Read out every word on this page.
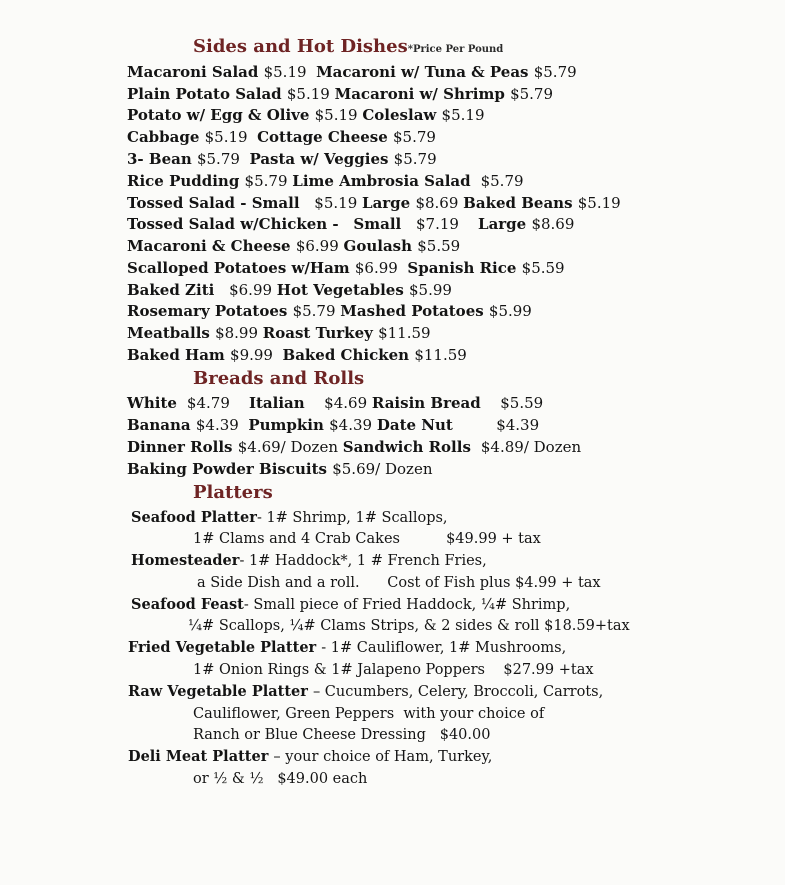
Sides and Hot Dishes*Price Per Pound
Macaroni Salad $5.19  Macaroni w/ Tuna & Peas $5.79
Plain Potato Salad $5.19 Macaroni w/ Shrimp $5.79
Potato w/ Egg & Olive $5.19 Coleslaw $5.19
Cabbage $5.19  Cottage Cheese $5.79
3- Bean $5.79  Pasta w/ Veggies $5.79
Rice Pudding $5.79 Lime Ambrosia Salad  $5.79
Tossed Salad - Small   $5.19 Large $8.69 Baked Beans $5.19
Tossed Salad w/Chicken -   Small   $7.19    Large $8.69
Macaroni & Cheese $6.99 Goulash $5.59
Scalloped Potatoes w/Ham $6.99  Spanish Rice $5.59
Baked Ziti   $6.99 Hot Vegetables $5.99
Rosemary Potatoes $5.79 Mashed Potatoes $5.99
Meatballs $8.99 Roast Turkey $11.59
Baked Ham $9.99  Baked Chicken $11.59
Breads and Rolls
White  $4.79    Italian    $4.69 Raisin Bread    $5.59
Banana $4.39  Pumpkin $4.39 Date Nut         $4.39
Dinner Rolls $4.69/ Dozen Sandwich Rolls  $4.89/ Dozen
Baking Powder Biscuits $5.69/ Dozen
Platters
Seafood Platter- 1# Shrimp, 1# Scallops,
1# Clams and 4 Crab Cakes          $49.99 + tax
Homesteader- 1# Haddock*, 1 # French Fries,
a Side Dish and a roll.      Cost of Fish plus $4.99 + tax
Seafood Feast- Small piece of Fried Haddock, ¼# Shrimp,
¼# Scallops, ¼# Clams Strips, & 2 sides & roll $18.59+tax
Fried Vegetable Platter - 1# Cauliflower, 1# Mushrooms,
1# Onion Rings & 1# Jalapeno Poppers    $27.99 +tax
Raw Vegetable Platter – Cucumbers, Celery, Broccoli, Carrots,
Cauliflower, Green Peppers  with your choice of
Ranch or Blue Cheese Dressing   $40.00
Deli Meat Platter – your choice of Ham, Turkey,
or ½ & ½   $49.00 each
